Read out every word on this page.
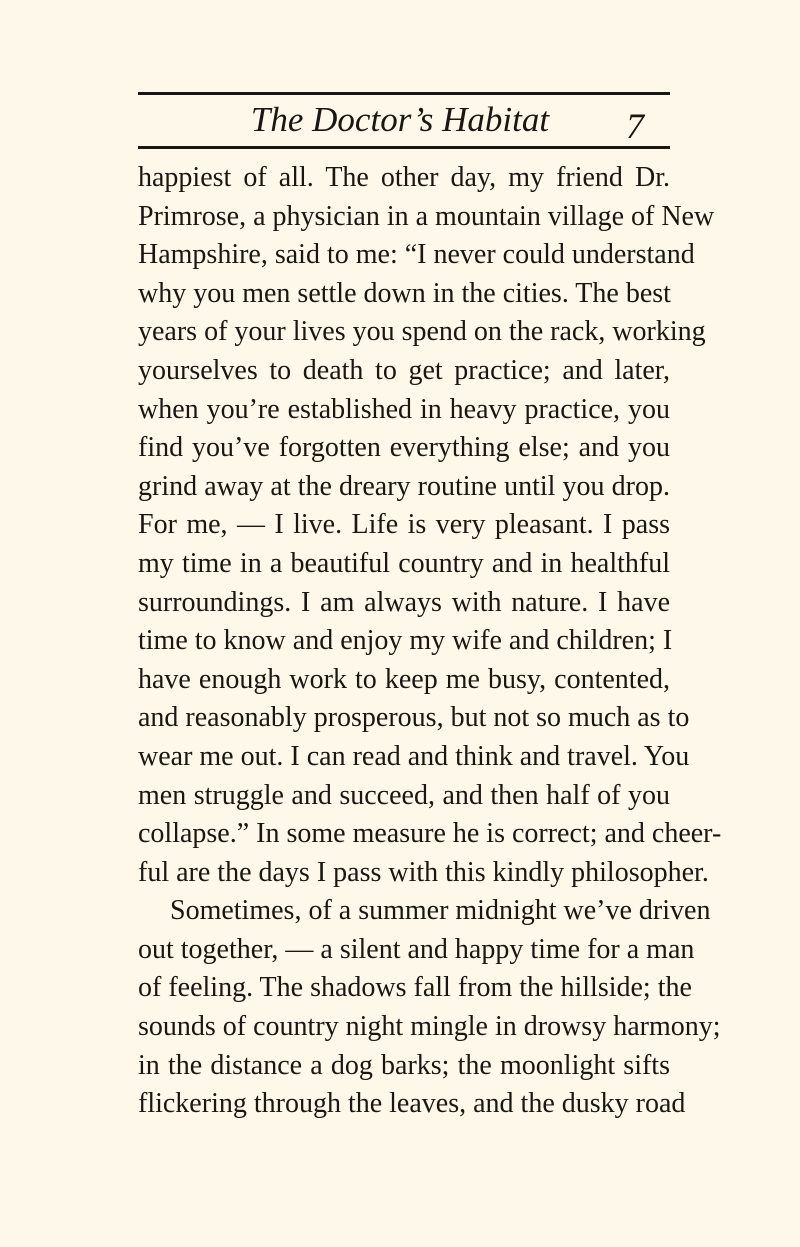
The Doctor’s Habitat	7
happiest of all. The other day, my friend Dr.
Primrose, a physician in a mountain village of New
Hampshire, said to me: “I never could understand
why you men settle down in the cities. The best
years of your lives you spend on the rack, working
yourselves to death to get practice; and later,
when you’re established in heavy practice, you
find you’ve forgotten everything else; and you
grind away at the dreary routine until you drop.
For me, — I live. Life is very pleasant. I pass
my time in a beautiful country and in healthful
surroundings. I am always with nature. I have
time to know and enjoy my wife and children; I
have enough work to keep me busy, contented,
and reasonably prosperous, but not so much as to
wear me out. I can read and think and travel. You
men struggle and succeed, and then half of you
collapse.” In some measure he is correct; and cheer-
ful are the days I pass with this kindly philosopher.
Sometimes, of a summer midnight we’ve driven
out together, — a silent and happy time for a man
of feeling. The shadows fall from the hillside; the
sounds of country night mingle in drowsy harmony;
in the distance a dog barks; the moonlight sifts
flickering through the leaves, and the dusky road
